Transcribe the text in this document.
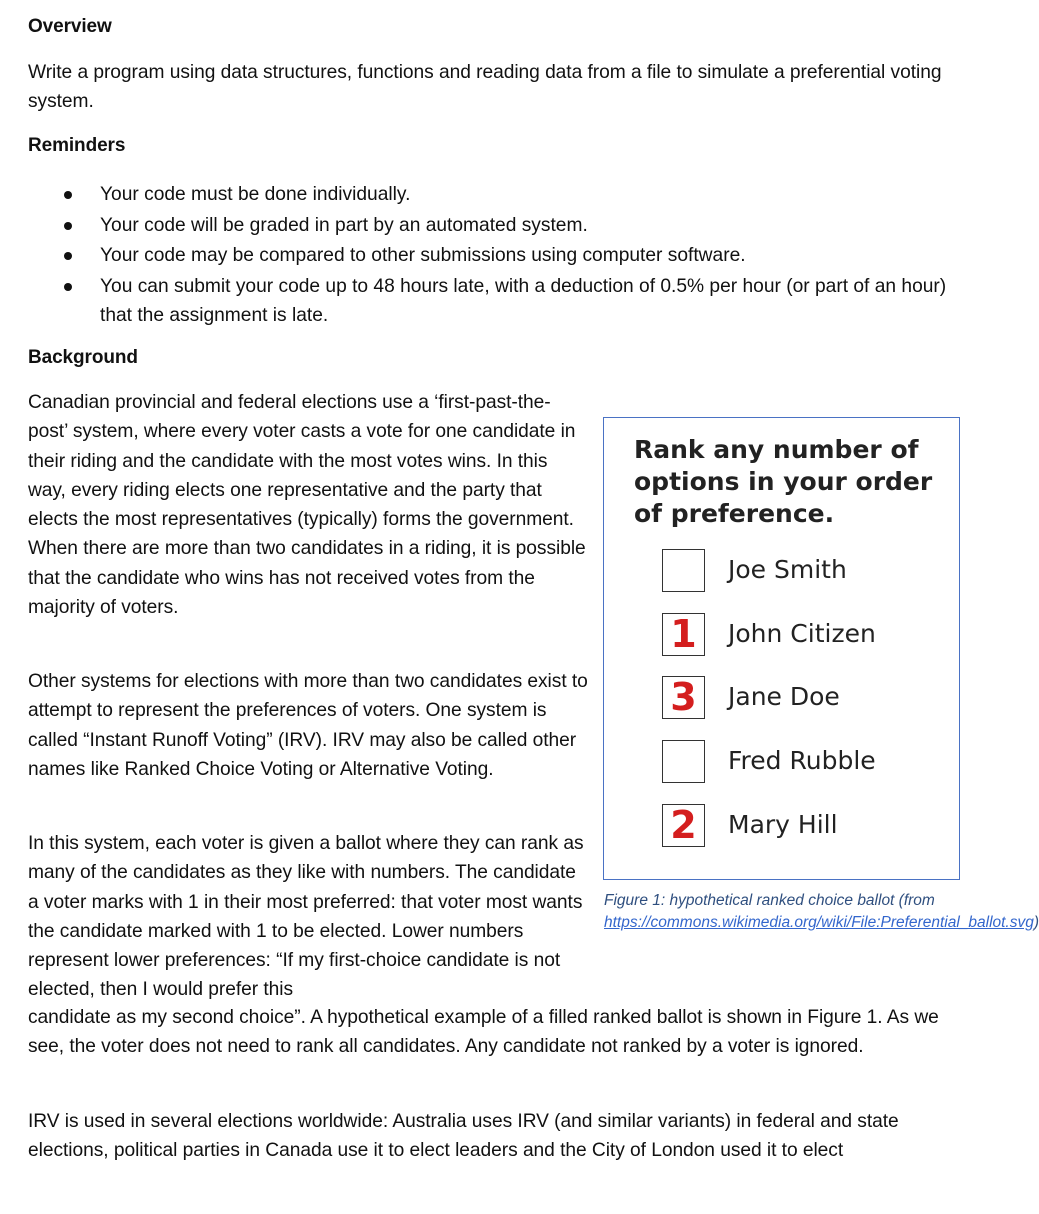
Overview
Write a program using data structures, functions and reading data from a file to simulate a preferential voting system.
Reminders
Your code must be done individually.
Your code will be graded in part by an automated system.
Your code may be compared to other submissions using computer software.
You can submit your code up to 48 hours late, with a deduction of 0.5% per hour (or part of an hour) that the assignment is late.
Background
Canadian provincial and federal elections use a ‘first-past-the-post’ system, where every voter casts a vote for one candidate in their riding and the candidate with the most votes wins. In this way, every riding elects one representative and the party that elects the most representatives (typically) forms the government. When there are more than two candidates in a riding, it is possible that the candidate who wins has not received votes from the majority of voters.
Other systems for elections with more than two candidates exist to attempt to represent the preferences of voters. One system is called “Instant Runoff Voting” (IRV). IRV may also be called other names like Ranked Choice Voting or Alternative Voting.
In this system, each voter is given a ballot where they can rank as many of the candidates as they like with numbers. The candidate a voter marks with 1 in their most preferred: that voter most wants the candidate marked with 1 to be elected. Lower numbers represent lower preferences: “If my first-choice candidate is not elected, then I would prefer this
candidate as my second choice”. A hypothetical example of a filled ranked ballot is shown in Figure 1. As we see, the voter does not need to rank all candidates. Any candidate not ranked by a voter is ignored.
IRV is used in several elections worldwide: Australia uses IRV (and similar variants) in federal and state elections, political parties in Canada use it to elect leaders and the City of London used it to elect
Rank any number of options in your order of preference.
Joe Smith
1	John Citizen
3	Jane Doe
Fred Rubble
2	Mary Hill
Figure 1: hypothetical ranked choice ballot (from https://commons.wikimedia.org/wiki/File:Preferential_ballot.svg)
